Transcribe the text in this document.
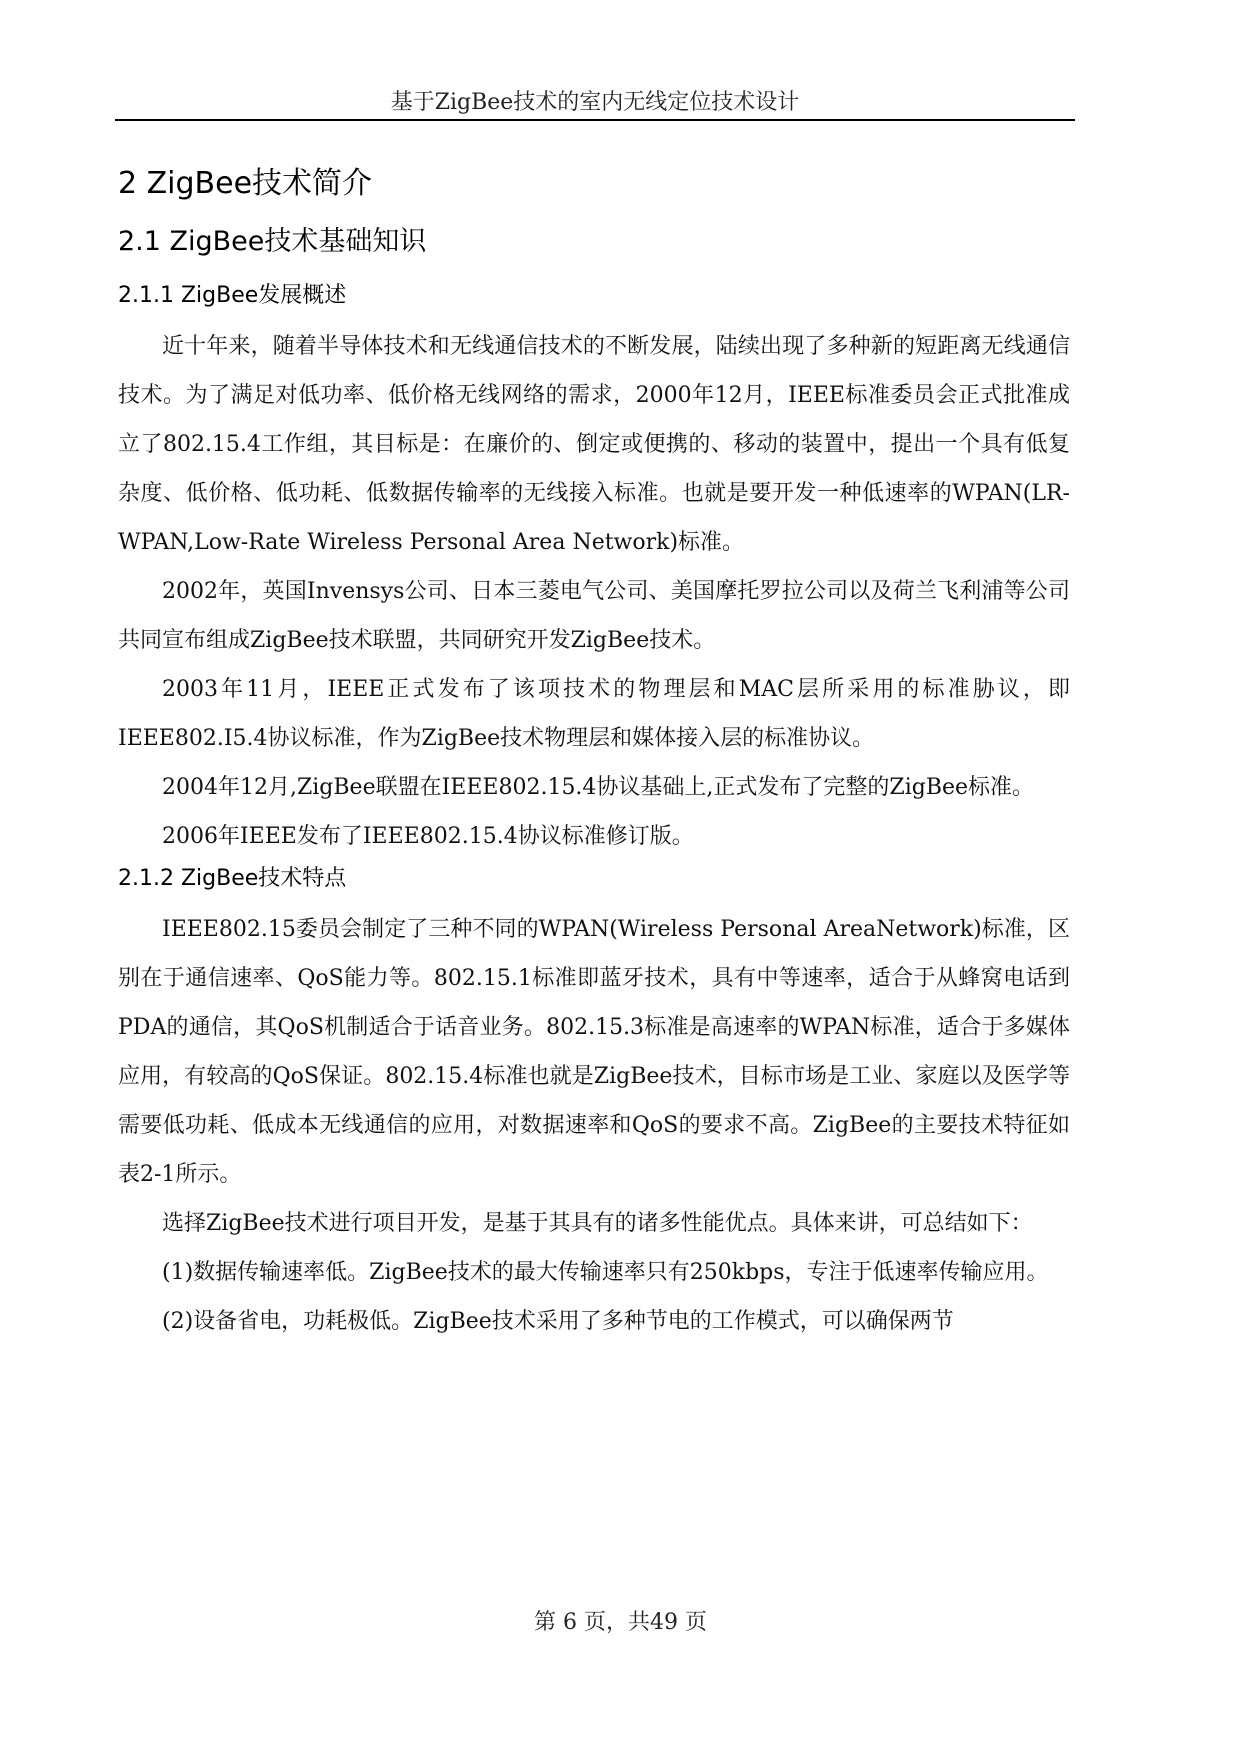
基于ZigBee技术的室内无线定位技术设计
2 ZigBee技术简介
2.1 ZigBee技术基础知识
2.1.1 ZigBee发展概述

近十年来，随着半导体技术和无线通信技术的不断发展，陆续出现了多种新的短距离无线通信技术。为了满足对低功率、低价格无线网络的需求，2000年12月，IEEE标准委员会正式批准成立了802.15.4工作组，其目标是：在廉价的、倒定或便携的、移动的装置中，提出一个具有低复杂度、低价格、低功耗、低数据传输率的无线接入标准。也就是要开发一种低速率的WPAN(LR-WPAN,Low-Rate Wireless Personal Area Network)标准。

2002年，英国Invensys公司、日本三菱电气公司、美国摩托罗拉公司以及荷兰飞利浦等公司共同宣布组成ZigBee技术联盟，共同研究开发ZigBee技术。

2003年11月，IEEE正式发布了该项技术的物理层和MAC层所采用的标准胁议，即IEEE802.I5.4协议标准，作为ZigBee技术物理层和媒体接入层的标准协议。

2004年12月,ZigBee联盟在IEEE802.15.4协议基础上,正式发布了完整的ZigBee标准。

2006年IEEE发布了IEEE802.15.4协议标准修订版。

2.1.2 ZigBee技术特点

IEEE802.15委员会制定了三种不同的WPAN(Wireless Personal AreaNetwork)标准，区别在于通信速率、QoS能力等。802.15.1标准即蓝牙技术，具有中等速率，适合于从蜂窝电话到PDA的通信，其QoS机制适合于话音业务。802.15.3标准是高速率的WPAN标准，适合于多媒体应用，有较高的QoS保证。802.15.4标准也就是ZigBee技术，目标市场是工业、家庭以及医学等需要低功耗、低成本无线通信的应用，对数据速率和QoS的要求不高。ZigBee的主要技术特征如表2-1所示。

选择ZigBee技术进行项目开发，是基于其具有的诸多性能优点。具体来讲，可总结如下：

(1)数据传输速率低。ZigBee技术的最大传输速率只有250kbps，专注于低速率传输应用。

(2)设备省电，功耗极低。ZigBee技术采用了多种节电的工作模式，可以确保两节

第 6 页，共49 页
